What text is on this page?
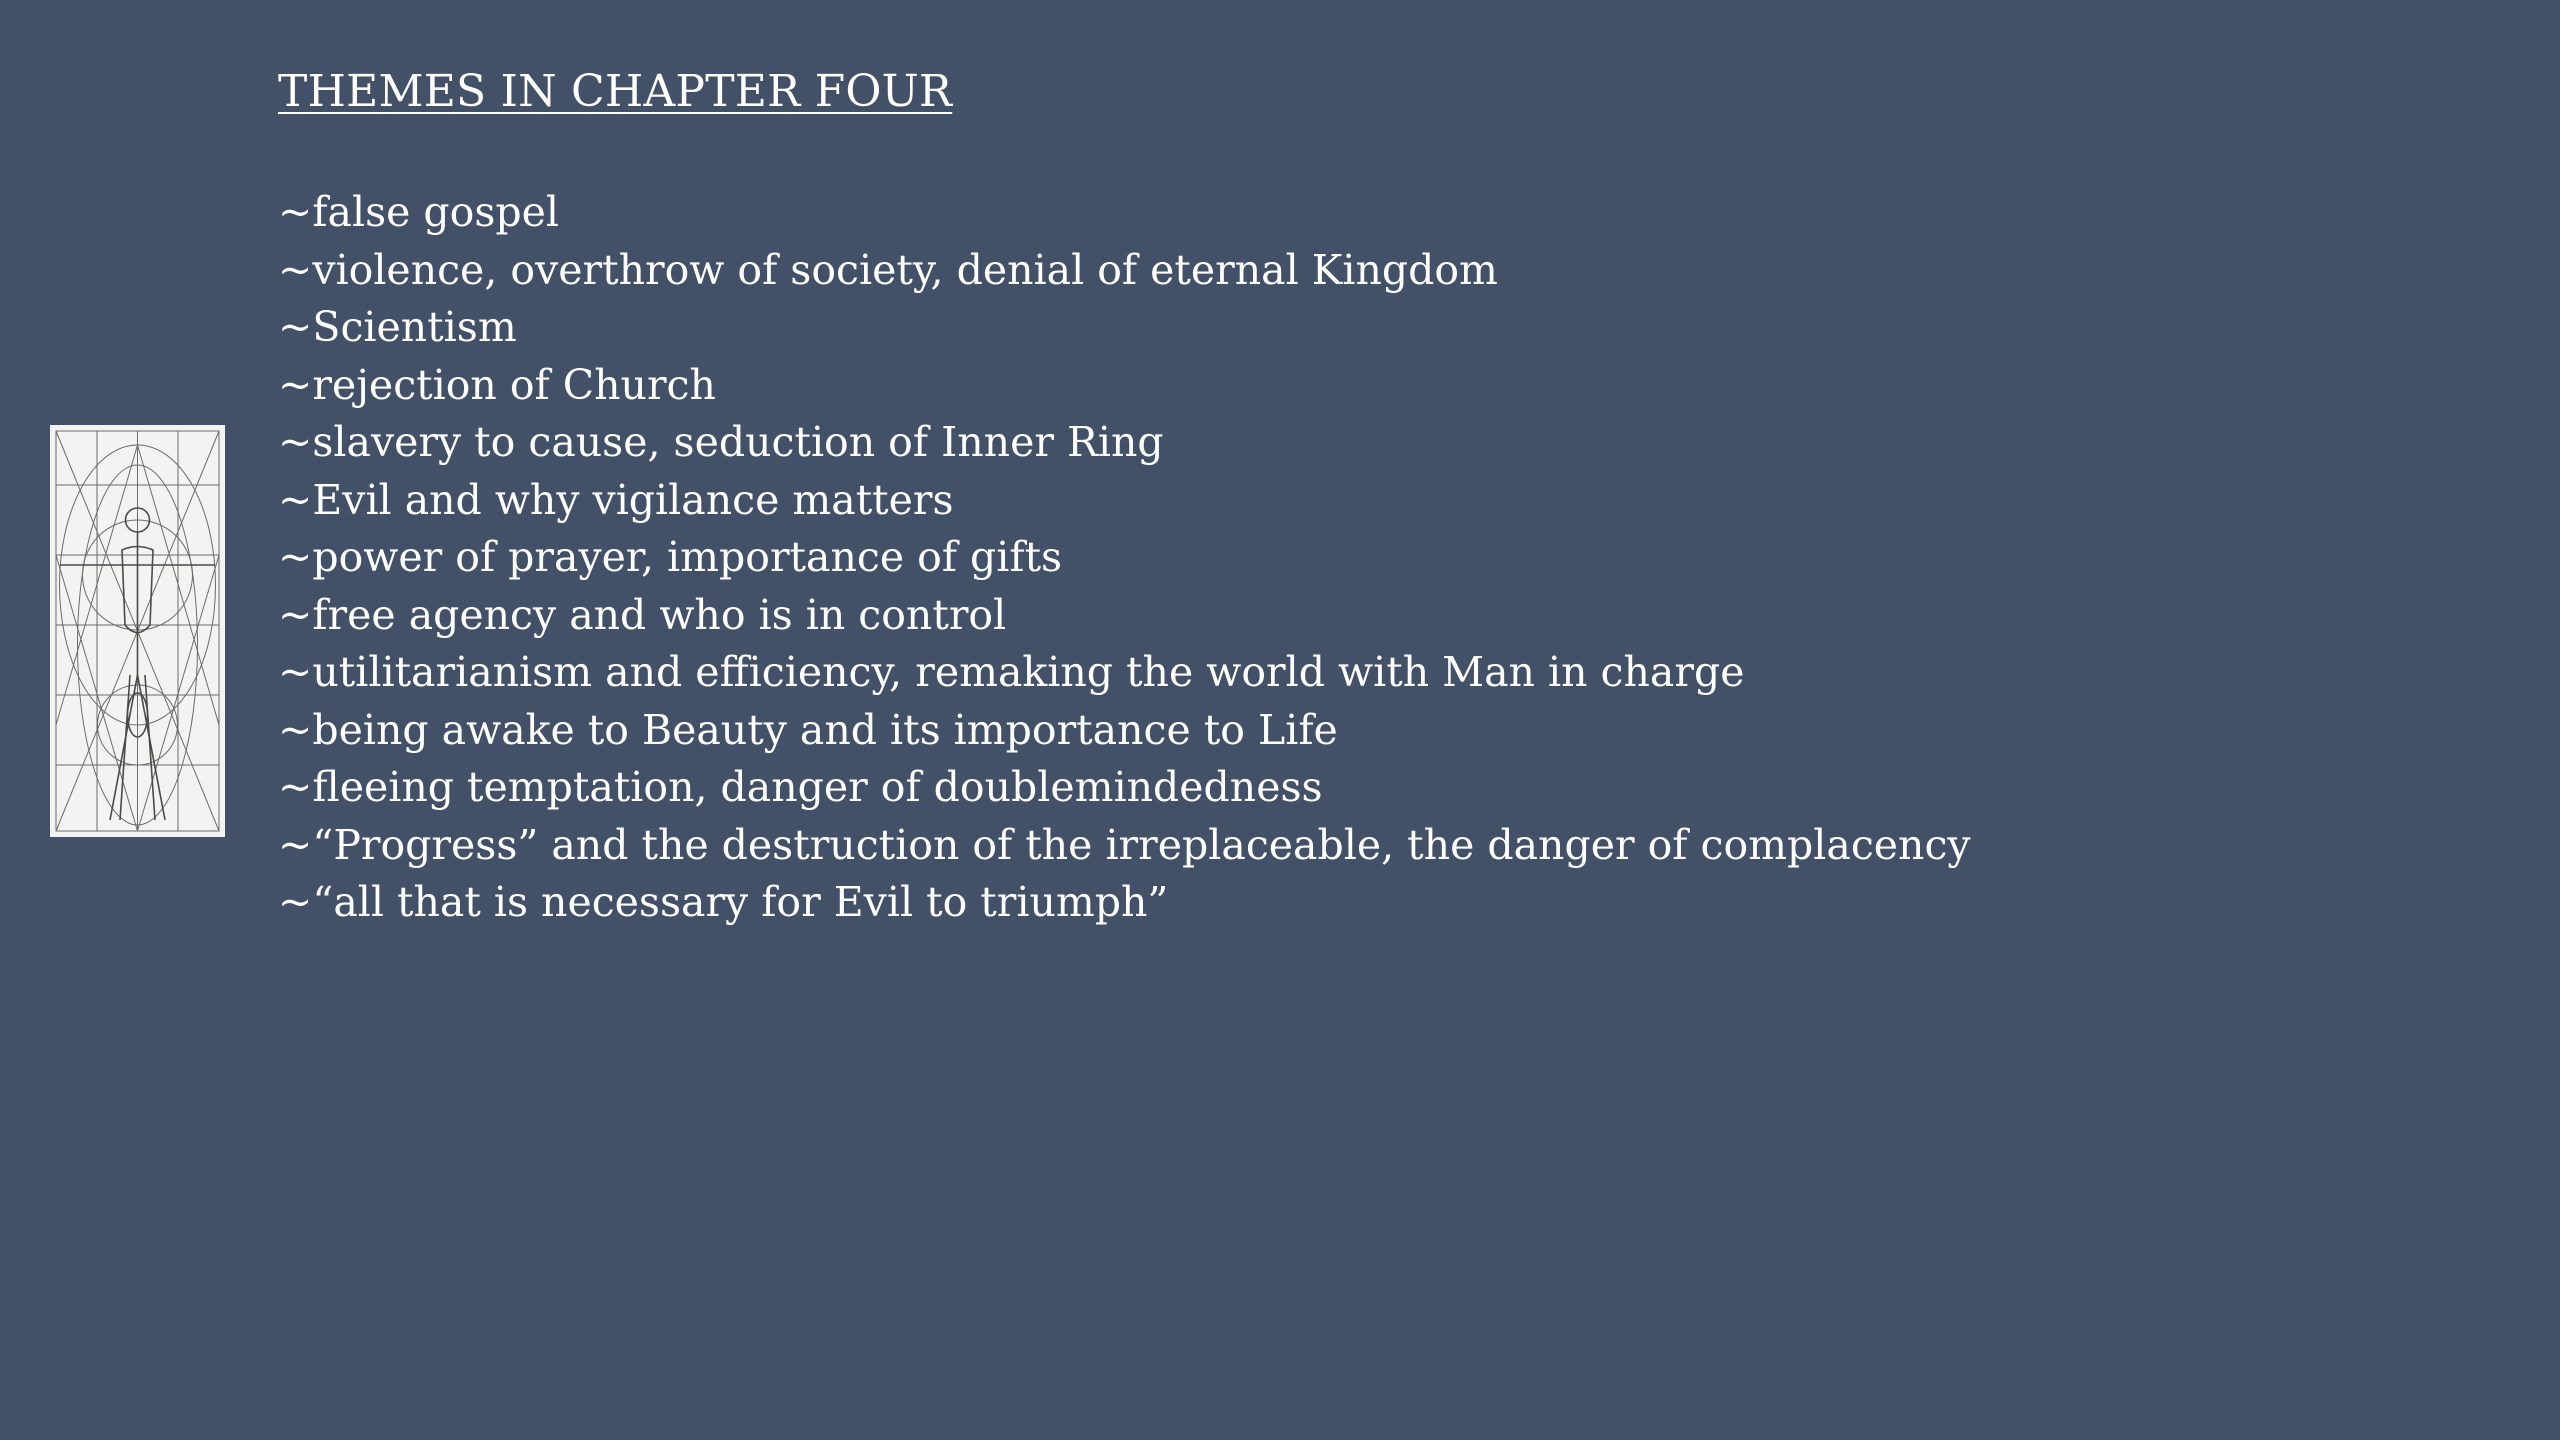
THEMES IN CHAPTER FOUR
~false gospel
~violence, overthrow of society, denial of eternal Kingdom
~Scientism
~rejection of Church
~slavery to cause, seduction of Inner Ring
~Evil and why vigilance matters
~power of prayer, importance of gifts
~free agency and who is in control
~utilitarianism and efficiency, remaking the world with Man in charge
~being awake to Beauty and its importance to Life
~fleeing temptation, danger of doublemindedness
~“Progress” and the destruction of the irreplaceable, the danger of complacency
~“all that is necessary for Evil to triumph”
